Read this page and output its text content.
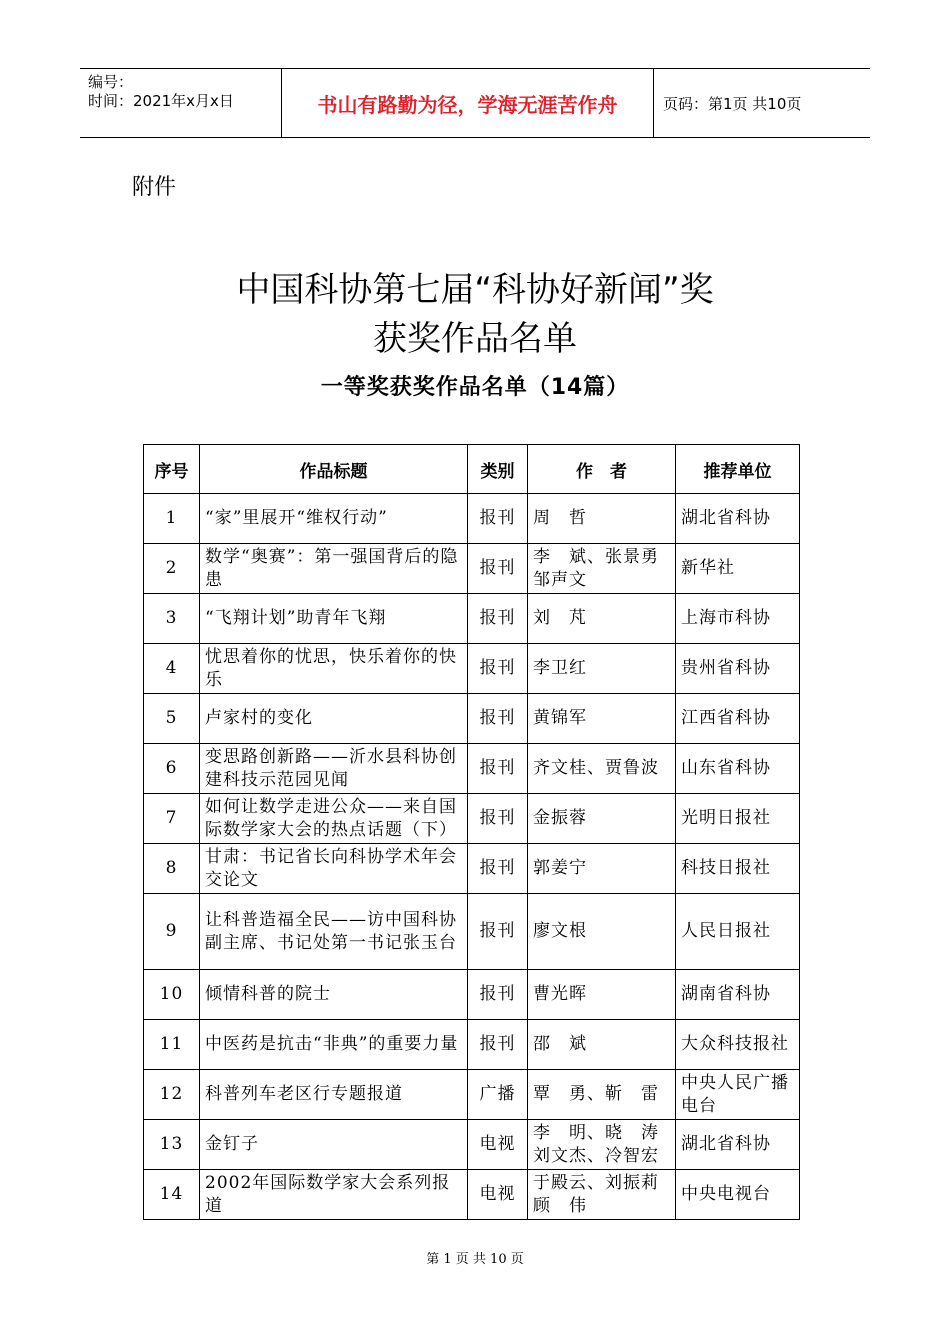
编号：
时间：2021年x月x日	书山有路勤为径，学海无涯苦作舟	页码：第1页 共10页
附件
中国科协第七届“科协好新闻”奖
获奖作品名单
一等奖获奖作品名单（14篇）
序号	作品标题	类别	作　者	推荐单位
1	“家”里展开“维权行动”	报刊	周　哲	湖北省科协
2	数学“奥赛”：第一强国背后的隐患	报刊	李　斌、张景勇
邹声文	新华社
3	“飞翔计划”助青年飞翔	报刊	刘　芃	上海市科协
4	忧思着你的忧思，快乐着你的快乐	报刊	李卫红	贵州省科协
5	卢家村的变化	报刊	黄锦军	江西省科协
6	变思路创新路——沂水县科协创建科技示范园见闻	报刊	齐文桂、贾鲁波	山东省科协
7	如何让数学走进公众——来自国际数学家大会的热点话题（下）	报刊	金振蓉	光明日报社
8	甘肃：书记省长向科协学术年会交论文	报刊	郭姜宁	科技日报社
9	让科普造福全民——访中国科协副主席、书记处第一书记张玉台	报刊	廖文根	人民日报社
10	倾情科普的院士	报刊	曹光晖	湖南省科协
11	中医药是抗击“非典”的重要力量	报刊	邵　斌	大众科技报社
12	科普列车老区行专题报道	广播	覃　勇、靳　雷	中央人民广播电台
13	金钉子	电视	李　明、晓　涛
刘文杰、冷智宏	湖北省科协
14	2002年国际数学家大会系列报道	电视	于殿云、刘振莉
顾　伟	中央电视台
第 1 页 共 10 页
